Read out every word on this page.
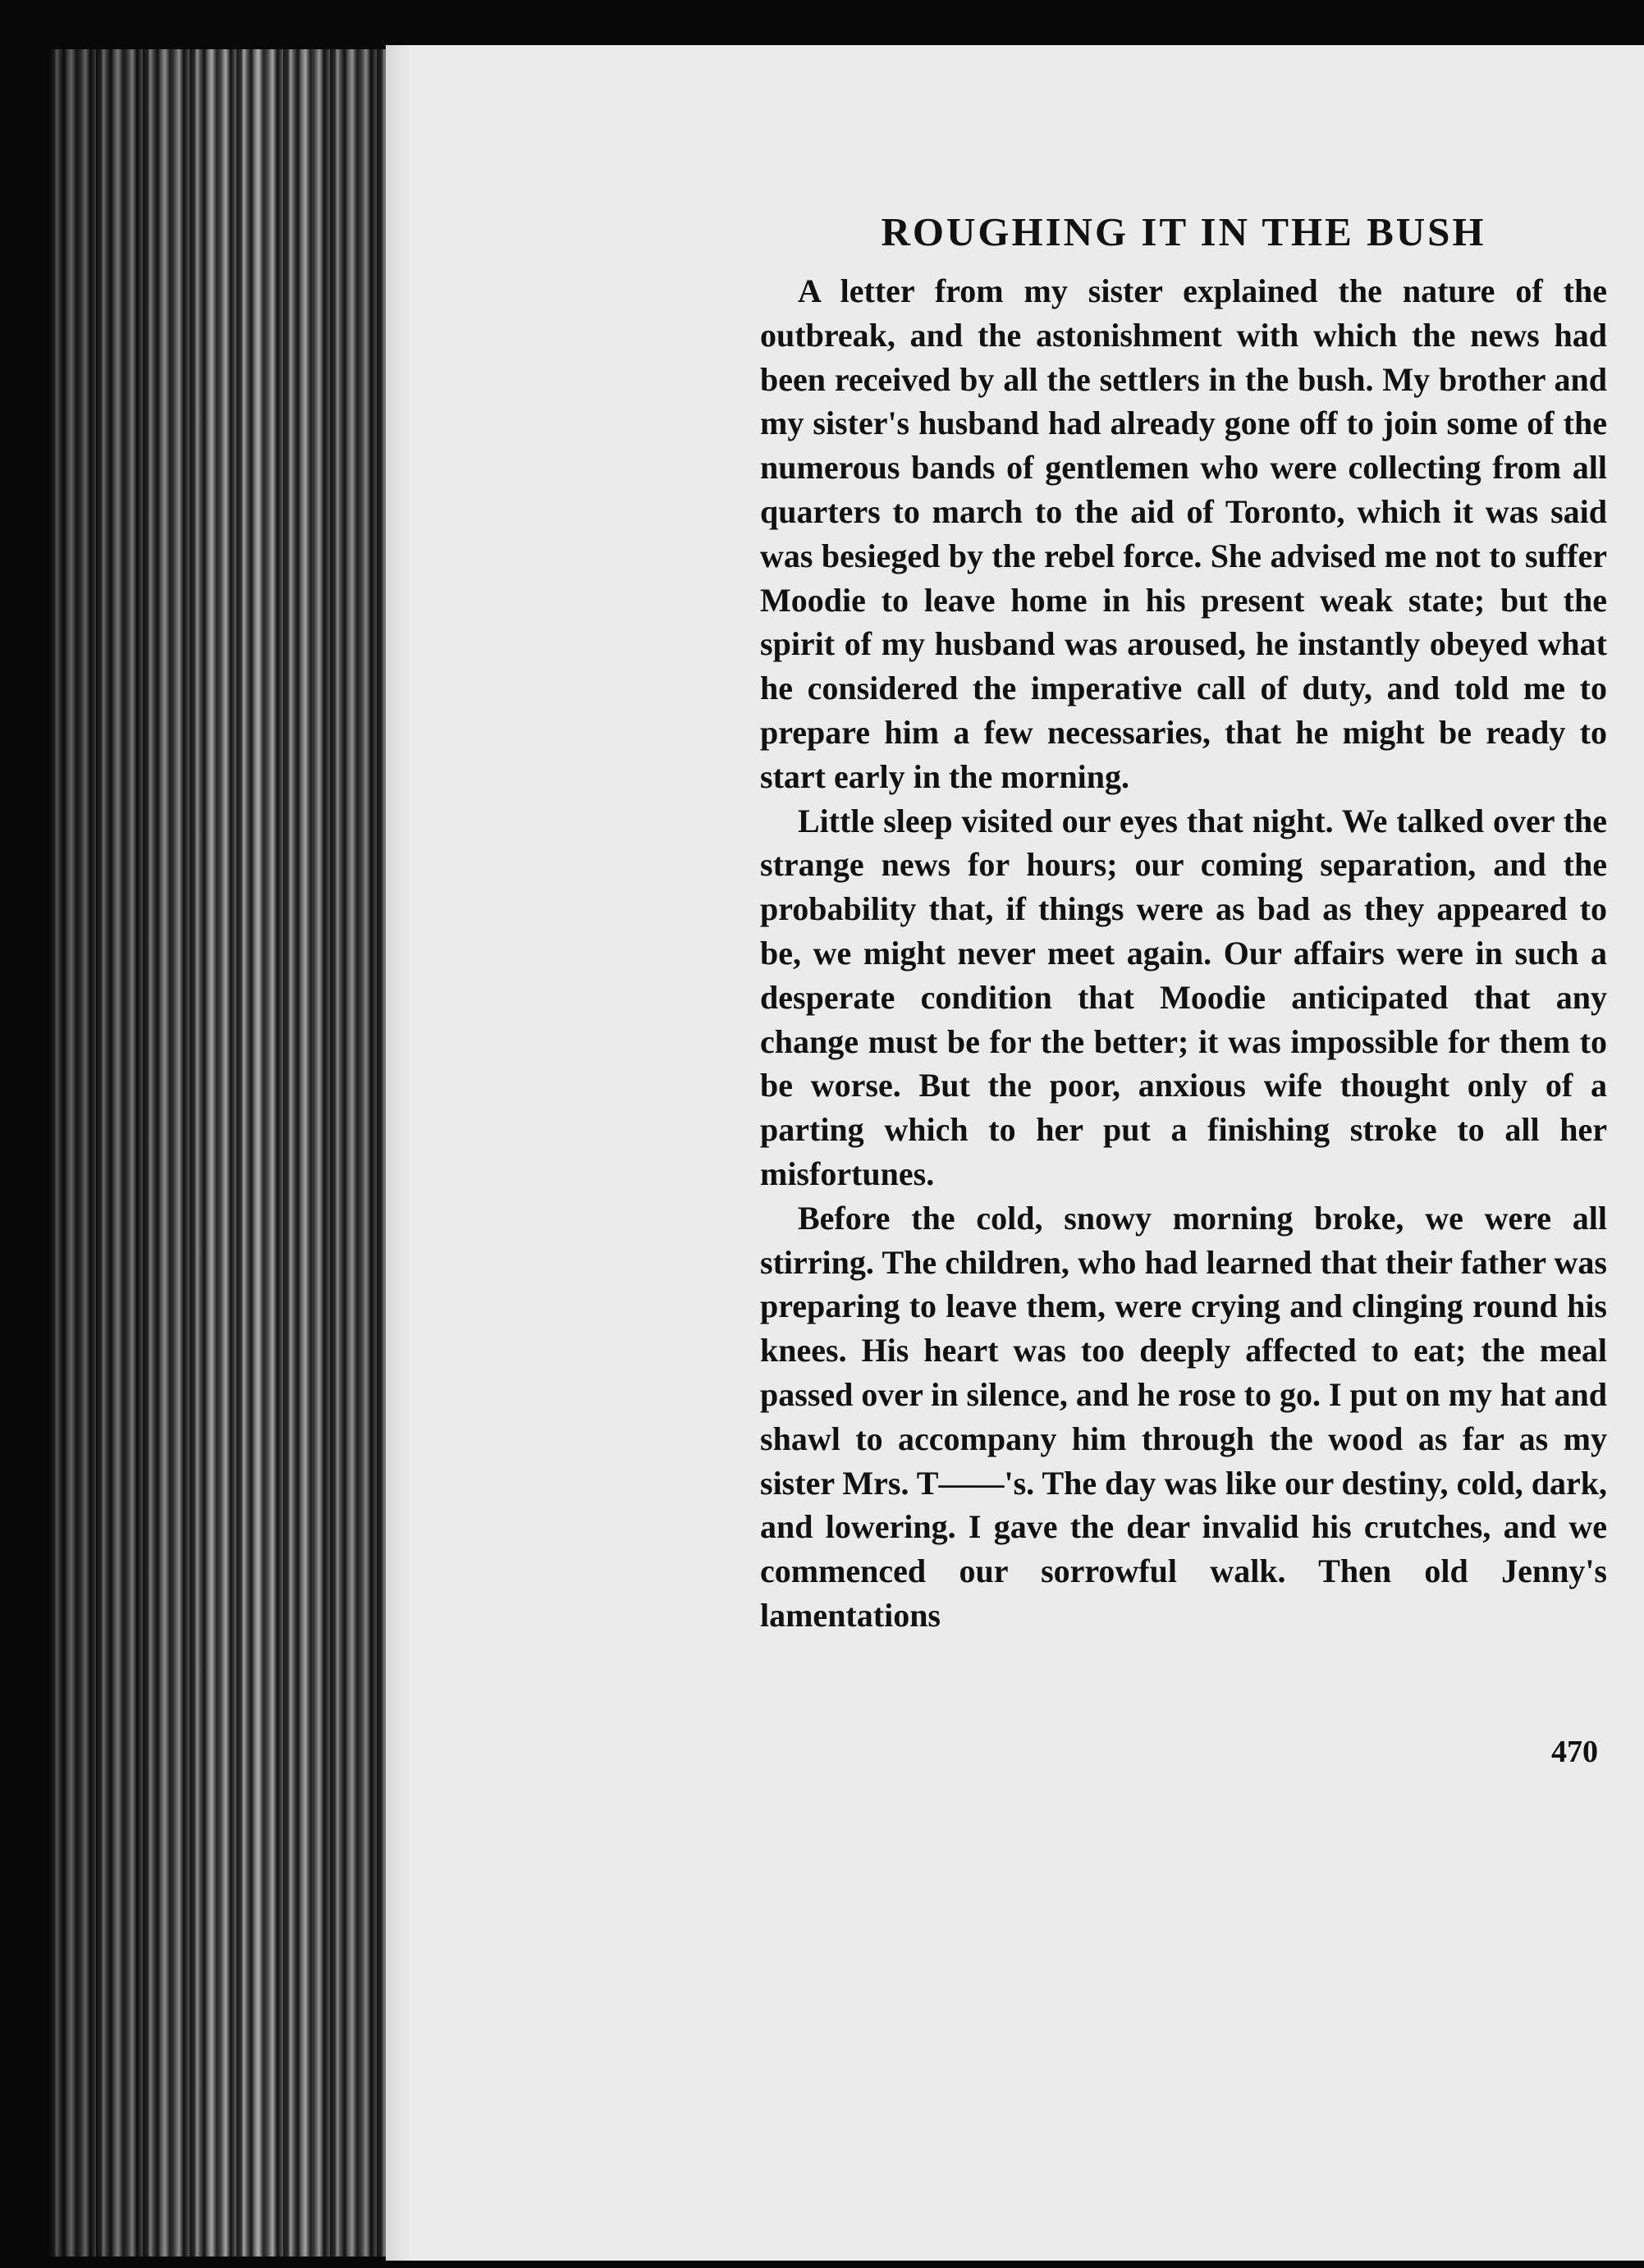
ROUGHING IT IN THE BUSH

A letter from my sister explained the nature of the outbreak, and the astonishment with which the news had been received by all the settlers in the bush. My brother and my sister's husband had already gone off to join some of the numerous bands of gentlemen who were collecting from all quarters to march to the aid of Toronto, which it was said was besieged by the rebel force. She advised me not to suffer Moodie to leave home in his present weak state; but the spirit of my husband was aroused, he instantly obeyed what he considered the imperative call of duty, and told me to prepare him a few necessaries, that he might be ready to start early in the morning.

Little sleep visited our eyes that night. We talked over the strange news for hours; our coming separation, and the probability that, if things were as bad as they appeared to be, we might never meet again. Our affairs were in such a desperate condition that Moodie anticipated that any change must be for the better; it was impossible for them to be worse. But the poor, anxious wife thought only of a parting which to her put a finishing stroke to all her misfortunes.

Before the cold, snowy morning broke, we were all stirring. The children, who had learned that their father was preparing to leave them, were crying and clinging round his knees. His heart was too deeply affected to eat; the meal passed over in silence, and he rose to go. I put on my hat and shawl to accompany him through the wood as far as my sister Mrs. T——'s. The day was like our destiny, cold, dark, and lowering. I gave the dear invalid his crutches, and we commenced our sorrowful walk. Then old Jenny's lamentations

470
